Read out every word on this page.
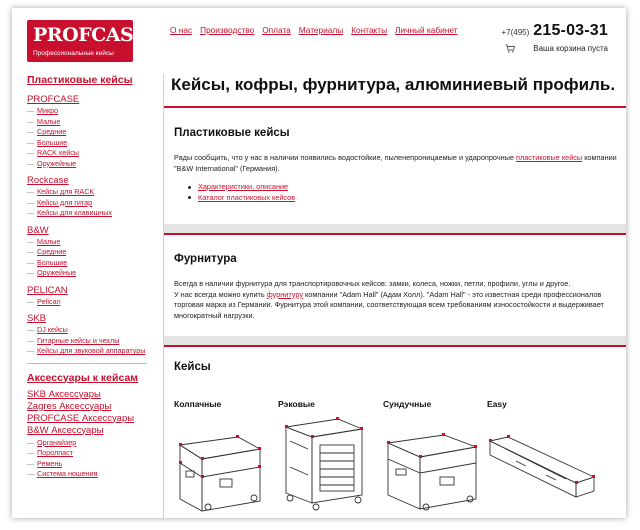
PROFCASE
Профессиональные кейсы
О нас Производство Оплата Материалы Контакты Личный кабинет	+7(495) 215-03-31
Ваша корзина пуста
Пластиковые кейсы
PROFCASE
— Микро
— Малые
— Средние
— Большие
— RACK кейсы
— Оружейные
Rockcase
— Кейсы для RACK
— Кейсы для гитар
— Кейсы для клавишных
B&W
— Малые
— Средние
— Большие
— Оружейные
PELICAN
— Pelican
SKB
— DJ кейсы
— Гитарные кейсы и чехлы
— Кейсы для звуковой аппаратуры
Аксессуары к кейсам
SKB Аксессуары
Zagres Аксессуары
PROFCASE Аксессуары
B&W Аксессуары
— Органайзер
— Поролпаст
— Ремень
— Система ношения
Кейсы, кофры, фурнитура, алюминиевый профиль.
Пластиковые кейсы

Рады сообщить, что у нас в наличии появились водостойкие, пыленепроницаемые и ударопрочные пластиковые кейсы компании "B&W International" (Германия).

Характеристики, описание
Каталог пластиковых кейсов
Фурнитура

Всегда в наличии фурнитура для транспортировочных кейсов: замки, колеса, ножки, петли, профили, углы и другое.
У нас всегда можно купить фурнитуру компании "Adam Hall" (Адам Холл). "Adam Hall" - это известная среди профессионалов торговая марка из Германии. Фурнитура этой компании, соответствующая всем требованиям износостойкости и выдерживает многократный нагрузки.

Кейсы
Колпачные	Рэковые	Сундучные	Easy
